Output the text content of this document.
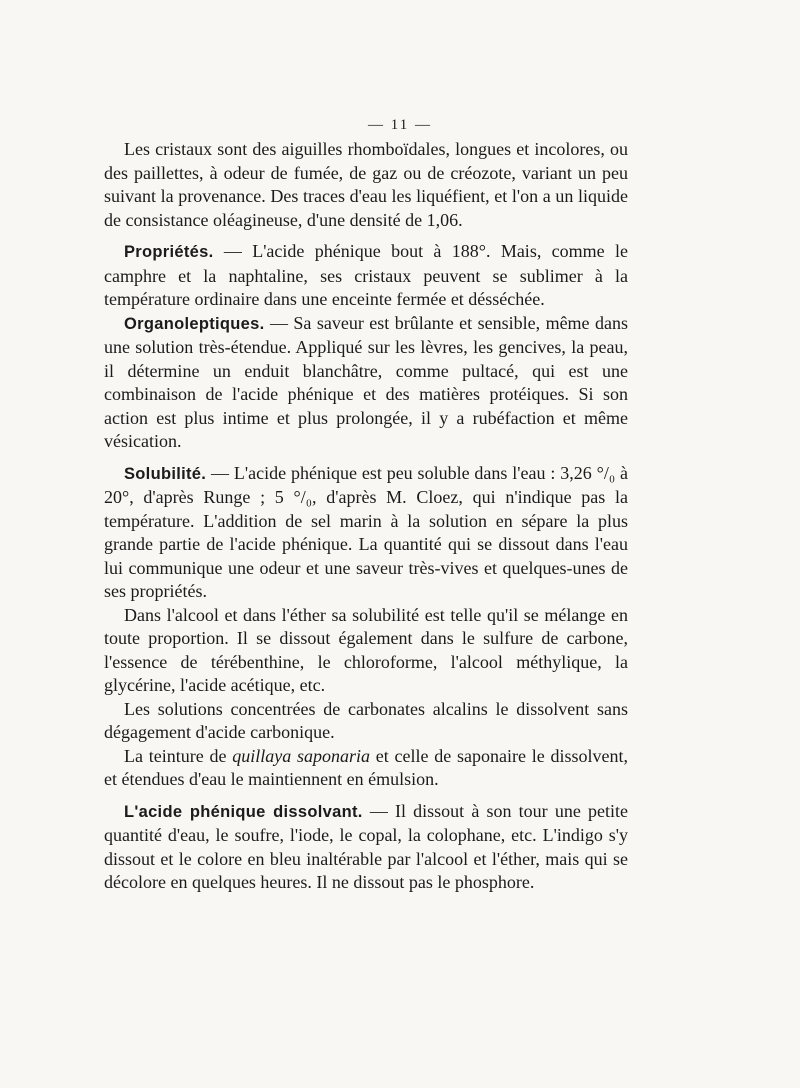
— 11 —

Les cristaux sont des aiguilles rhomboïdales, longues et incolores, ou des paillettes, à odeur de fumée, de gaz ou de créozote, variant un peu suivant la provenance. Des traces d'eau les liquéfient, et l'on a un liquide de consistance oléagineuse, d'une densité de 1,06.

Propriétés. — L'acide phénique bout à 188°. Mais, comme le camphre et la naphtaline, ses cristaux peuvent se sublimer à la température ordinaire dans une enceinte fermée et désséchée.

Organoleptiques. — Sa saveur est brûlante et sensible, même dans une solution très-étendue. Appliqué sur les lèvres, les gencives, la peau, il détermine un enduit blanchâtre, comme pultacé, qui est une combinaison de l'acide phénique et des matières protéiques. Si son action est plus intime et plus prolongée, il y a rubéfaction et même vésication.

Solubilité. — L'acide phénique est peu soluble dans l'eau : 3,26 °/₀ à 20°, d'après Runge ; 5 °/₀, d'après M. Cloez, qui n'indique pas la température. L'addition de sel marin à la solution en sépare la plus grande partie de l'acide phénique. La quantité qui se dissout dans l'eau lui communique une odeur et une saveur très-vives et quelques-unes de ses propriétés.

Dans l'alcool et dans l'éther sa solubilité est telle qu'il se mélange en toute proportion. Il se dissout également dans le sulfure de carbone, l'essence de térébenthine, le chloroforme, l'alcool méthylique, la glycérine, l'acide acétique, etc.

Les solutions concentrées de carbonates alcalins le dissolvent sans dégagement d'acide carbonique.

La teinture de quillaya saponaria et celle de saponaire le dissolvent, et étendues d'eau le maintiennent en émulsion.

L'acide phénique dissolvant. — Il dissout à son tour une petite quantité d'eau, le soufre, l'iode, le copal, la colophane, etc. L'indigo s'y dissout et le colore en bleu inaltérable par l'alcool et l'éther, mais qui se décolore en quelques heures. Il ne dissout pas le phosphore.
